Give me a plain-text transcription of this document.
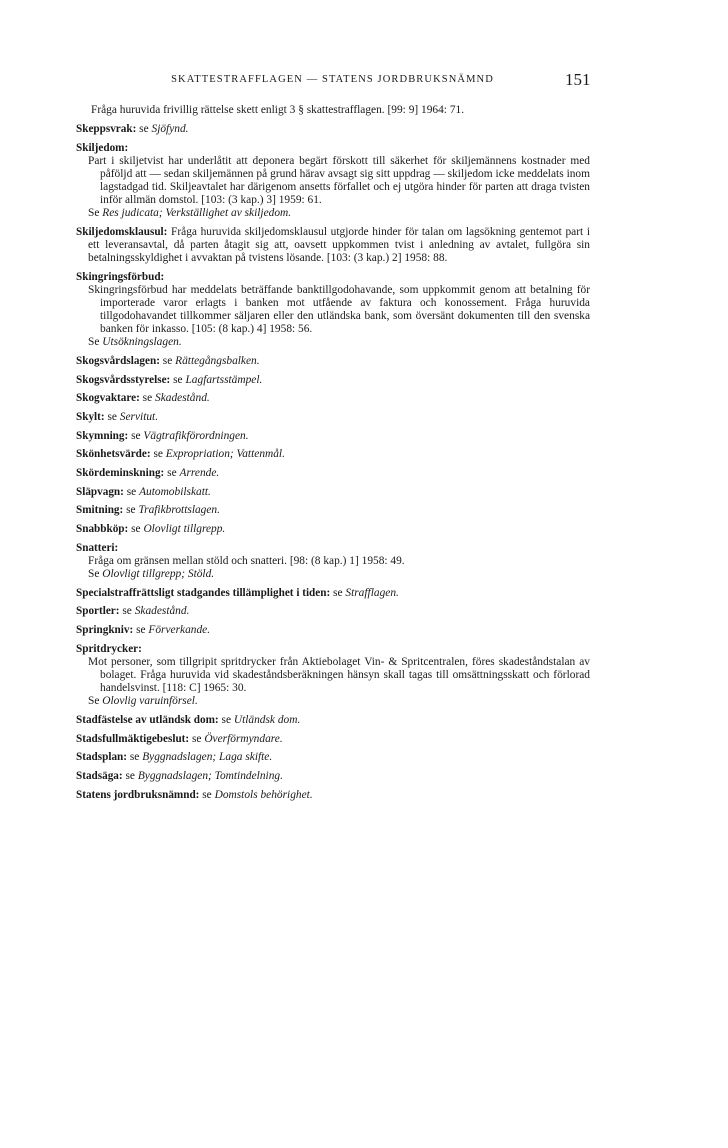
SKATTESTRAFFLAGEN — STATENS JORDBRUKSNÄMND	151
Fråga huruvida frivillig rättelse skett enligt 3 § skattestrafflagen. [99: 9] 1964: 71.
Skeppsvrak: se Sjöfynd.
Skiljedom:
Part i skiljetvist har underlåtit att deponera begärt förskott till säkerhet för skiljemännens kostnader med påföljd att — sedan skiljemännen på grund härav avsagt sig sitt uppdrag — skiljedom icke meddelats inom lagstadgad tid. Skiljeavtalet har därigenom ansetts förfallet och ej utgöra hinder för parten att draga tvisten inför allmän domstol. [103: (3 kap.) 3] 1959: 61.
Se Res judicata; Verkställighet av skiljedom.
Skiljedomsklausul: Fråga huruvida skiljedomsklausul utgjorde hinder för talan om lagsökning gentemot part i ett leveransavtal, då parten åtagit sig att, oavsett uppkommen tvist i anledning av avtalet, fullgöra sin betalningsskyldighet i avvaktan på tvistens lösande. [103: (3 kap.) 2] 1958: 88.
Skingringsförbud:
Skingringsförbud har meddelats beträffande banktillgodohavande, som uppkommit genom att betalning för importerade varor erlagts i banken mot utfående av faktura och konossement. Fråga huruvida tillgodohavandet tillkommer säljaren eller den utländska bank, som översänt dokumenten till den svenska banken för inkasso. [105: (8 kap.) 4] 1958: 56.
Se Utsökningslagen.
Skogsvårdslagen: se Rättegångsbalken.
Skogsvårdsstyrelse: se Lagfartsstämpel.
Skogvaktare: se Skadestånd.
Skylt: se Servitut.
Skymning: se Vägtrafikförordningen.
Skönhetsvärde: se Expropriation; Vattenmål.
Skördeminskning: se Arrende.
Släpvagn: se Automobilskatt.
Smitning: se Trafikbrottslagen.
Snabbköp: se Olovligt tillgrepp.
Snatteri:
Fråga om gränsen mellan stöld och snatteri. [98: (8 kap.) 1] 1958: 49.
Se Olovligt tillgrepp; Stöld.
Specialstraffrättsligt stadgandes tillämplighet i tiden: se Strafflagen.
Sportler: se Skadestånd.
Springkniv: se Förverkande.
Spritdrycker:
Mot personer, som tillgripit spritdrycker från Aktiebolaget Vin- & Spritcentralen, föres skadeståndstalan av bolaget. Fråga huruvida vid skadeståndsberäkningen hänsyn skall tagas till omsättningsskatt och förlorad handelsvinst. [118: C] 1965: 30.
Se Olovlig varuinförsel.
Stadfästelse av utländsk dom: se Utländsk dom.
Stadsfullmäktigebeslut: se Överförmyndare.
Stadsplan: se Byggnadslagen; Laga skifte.
Stadsäga: se Byggnadslagen; Tomtindelning.
Statens jordbruksnämnd: se Domstols behörighet.
